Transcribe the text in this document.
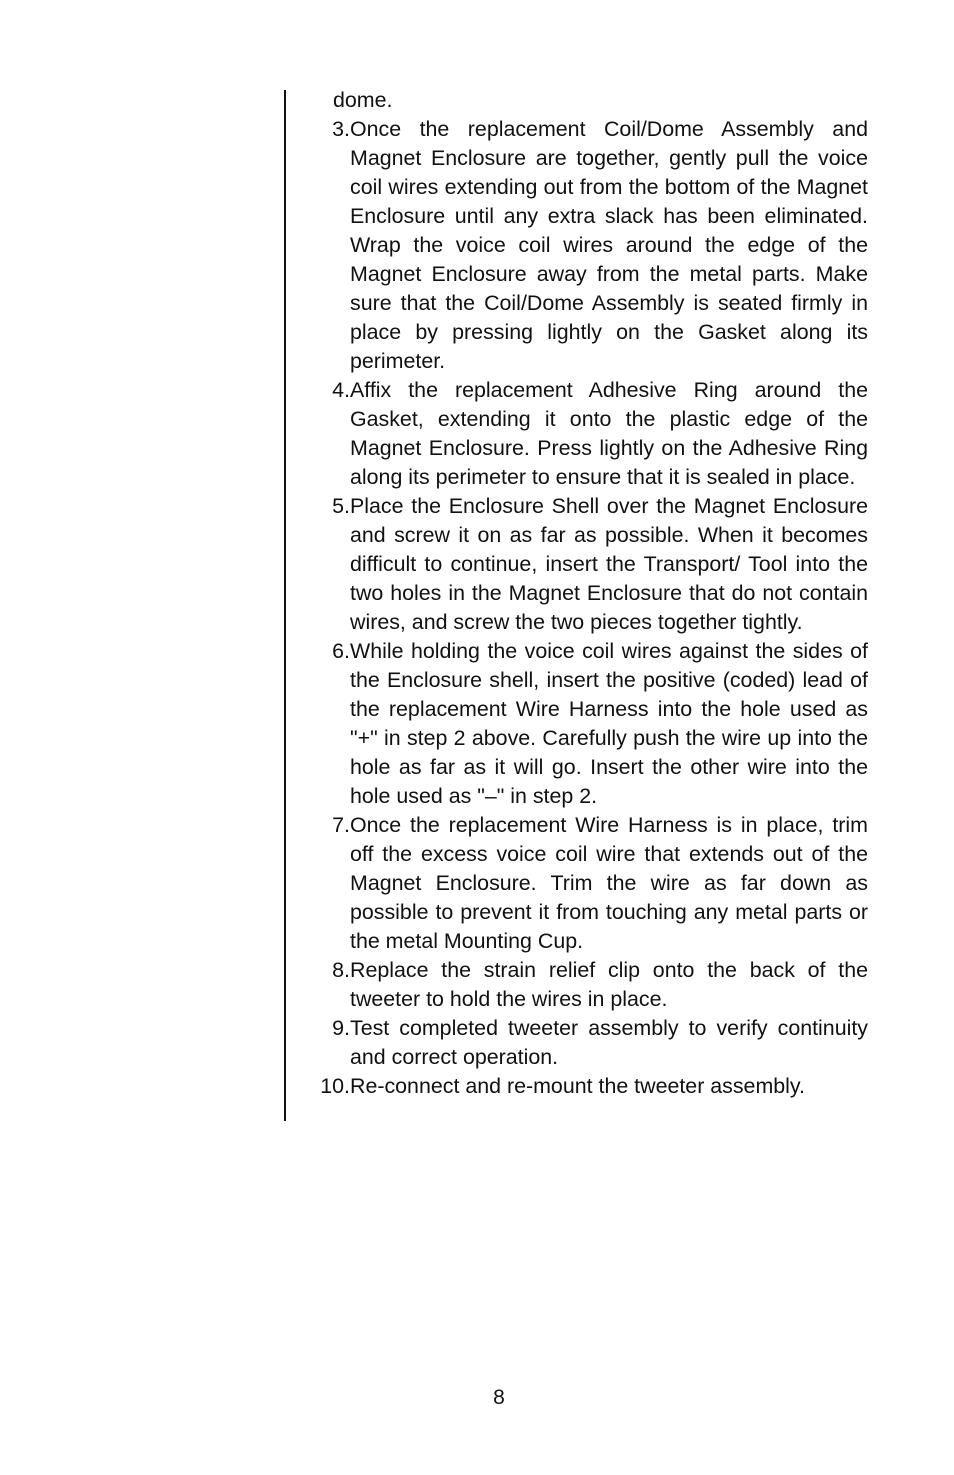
dome.
3. Once the replacement Coil/Dome Assembly and Magnet Enclosure are together, gently pull the voice coil wires extending out from the bottom of the Magnet Enclosure until any extra slack has been eliminated. Wrap the voice coil wires around the edge of the Magnet Enclosure away from the metal parts. Make sure that the Coil/Dome Assembly is seated firmly in place by pressing lightly on the Gasket along its perimeter.
4. Affix the replacement Adhesive Ring around the Gasket, extending it onto the plastic edge of the Magnet Enclosure. Press lightly on the Adhesive Ring along its perimeter to ensure that it is sealed in place.
5. Place the Enclosure Shell over the Magnet Enclosure and screw it on as far as possible. When it becomes difficult to continue, insert the Transport/ Tool into the two holes in the Magnet Enclosure that do not contain wires, and screw the two pieces together tightly.
6. While holding the voice coil wires against the sides of the Enclosure shell, insert the positive (coded) lead of the replacement Wire Harness into the hole used as "+" in step 2 above. Carefully push the wire up into the hole as far as it will go. Insert the other wire into the hole used as "–" in step 2.
7. Once the replacement Wire Harness is in place, trim off the excess voice coil wire that extends out of the Magnet Enclosure. Trim the wire as far down as possible to prevent it from touching any metal parts or the metal Mounting Cup.
8. Replace the strain relief clip onto the back of the tweeter to hold the wires in place.
9. Test completed tweeter assembly to verify continuity and correct operation.
10. Re-connect and re-mount the tweeter assembly.
8
